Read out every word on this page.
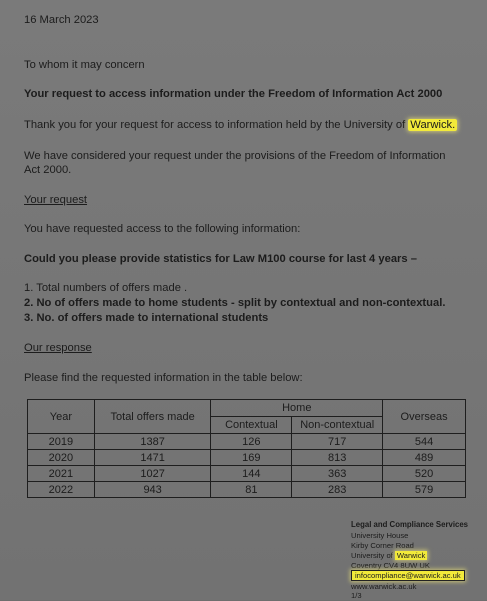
16 March 2023
To whom it may concern
Your request to access information under the Freedom of Information Act 2000
Thank you for your request for access to information held by the University of Warwick.
We have considered your request under the provisions of the Freedom of Information
Act 2000.
Your request
You have requested access to the following information:
Could you please provide statistics for Law M100 course for last 4 years –
1. Total numbers of offers made .
2. No of offers made to home students - split by contextual and non-contextual.
3. No. of offers made to international students
Our response
Please find the requested information in the table below:
Year	Total offers made	Home		Overseas
		Contextual	Non-contextual	
2019	1387	126	717	544
2020	1471	169	813	489
2021	1027	144	363	520
2022	943	81	283	579
Legal and Compliance Services
University House
Kirby Corner Road
University of Warwick
Coventry CV4 8UW UK
infocompliance@warwick.ac.uk
www.warwick.ac.uk
1/3
